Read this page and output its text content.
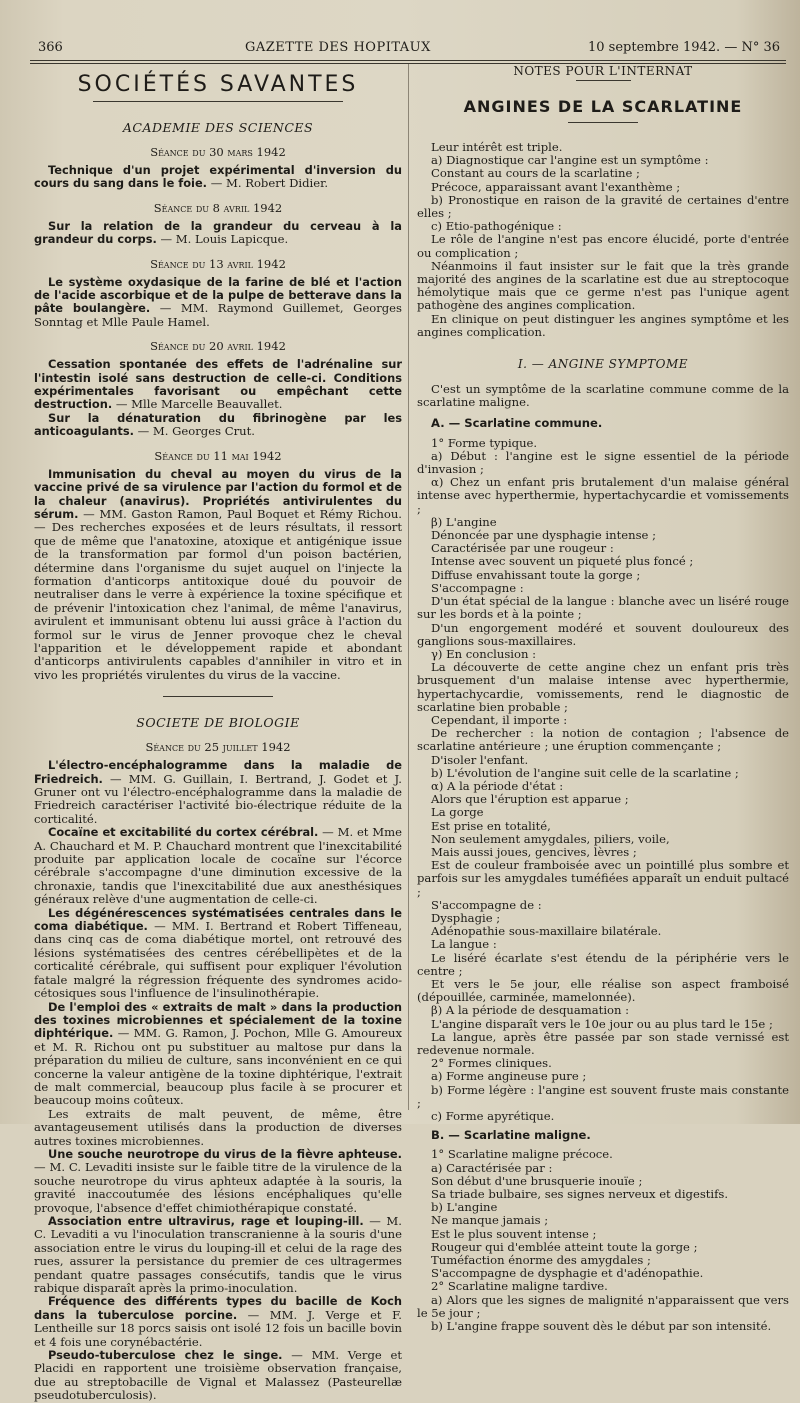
366	GAZETTE DES HOPITAUX	10 septembre 1942. — N° 36
SOCIÉTÉS SAVANTES
ACADEMIE DES SCIENCES
Séance du 30 mars 1942

Technique d'un projet expérimental d'inversion du cours du sang dans le foie. — M. Robert Didier.

Séance du 8 avril 1942

Sur la relation de la grandeur du cerveau à la grandeur du corps. — M. Louis Lapicque.

Séance du 13 avril 1942

Le système oxydasique de la farine de blé et l'action de l'acide ascorbique et de la pulpe de betterave dans la pâte boulangère. — MM. Raymond Guillemet, Georges Sonntag et Mlle Paule Hamel.

Séance du 20 avril 1942

Cessation spontanée des effets de l'adrénaline sur l'intestin isolé sans destruction de celle-ci. Conditions expérimentales favorisant ou empêchant cette destruction. — Mlle Marcelle Beauvallet.

Sur la dénaturation du fibrinogène par les anticoagulants. — M. Georges Crut.

Séance du 11 mai 1942

Immunisation du cheval au moyen du virus de la vaccine privé de sa virulence par l'action du formol et de la chaleur (anavirus). Propriétés antivirulentes du sérum. — MM. Gaston Ramon, Paul Boquet et Rémy Richou. — Des recherches exposées et de leurs résultats, il ressort que de même que l'anatoxine, atoxique et antigénique issue de la transformation par formol d'un poison bactérien, détermine dans l'organisme du sujet auquel on l'injecte la formation d'anticorps antitoxique doué du pouvoir de neutraliser dans le verre à expérience la toxine spécifique et de prévenir l'intoxication chez l'animal, de même l'anavirus, avirulent et immunisant obtenu lui aussi grâce à l'action du formol sur le virus de Jenner provoque chez le cheval l'apparition et le développement rapide et abondant d'anticorps antivirulents capables d'annihiler in vitro et in vivo les propriétés virulentes du virus de la vaccine.

SOCIETE DE BIOLOGIE
Séance du 25 juillet 1942

L'électro-encéphalogramme dans la maladie de Friedreich. — MM. G. Guillain, I. Bertrand, J. Godet et J. Gruner ont vu l'électro-encéphalogramme dans la maladie de Friedreich caractériser l'activité bio-électrique réduite de la corticalité.

Cocaïne et excitabilité du cortex cérébral. — M. et Mme A. Chauchard et M. P. Chauchard montrent que l'inexcitabilité produite par application locale de cocaïne sur l'écorce cérébrale s'accompagne d'une diminution excessive de la chronaxie, tandis que l'inexcitabilité due aux anesthésiques généraux relève d'une augmentation de celle-ci.

Les dégénérescences systématisées centrales dans le coma diabétique. — MM. I. Bertrand et Robert Tiffeneau, dans cinq cas de coma diabétique mortel, ont retrouvé des lésions systématisées des centres cérébellipètes et de la corticalité cérébrale, qui suffisent pour expliquer l'évolution fatale malgré la régression fréquente des syndromes acido-cétosiques sous l'influence de l'insulinothérapie.

De l'emploi des « extraits de malt » dans la production des toxines microbiennes et spécialement de la toxine diphtérique. — MM. G. Ramon, J. Pochon, Mlle G. Amoureux et M. R. Richou ont pu substituer au maltose pur dans la préparation du milieu de culture, sans inconvénient en ce qui concerne la valeur antigène de la toxine diphtérique, l'extrait de malt commercial, beaucoup plus facile à se procurer et beaucoup moins coûteux.

Les extraits de malt peuvent, de même, être avantageusement utilisés dans la production de diverses autres toxines microbiennes.

Une souche neurotrope du virus de la fièvre aphteuse. — M. C. Levaditi insiste sur le faible titre de la virulence de la souche neurotrope du virus aphteux adaptée à la souris, la gravité inaccoutumée des lésions encéphaliques qu'elle provoque, l'absence d'effet chimiothérapique constaté.

Association entre ultravirus, rage et louping-ill. — M. C. Levaditi a vu l'inoculation transcranienne à la souris d'une association entre le virus du louping-ill et celui de la rage des rues, assurer la persistance du premier de ces ultragermes pendant quatre passages consécutifs, tandis que le virus rabique disparaît après la primo-inoculation.

Fréquence des différents types du bacille de Koch dans la tuberculose porcine. — MM. J. Verge et F. Lentheille sur 18 porcs saisis ont isolé 12 fois un bacille bovin et 4 fois une corynébactérie.

Pseudo-tuberculose chez le singe. — MM. Verge et Placidi en rapportent une troisième observation française, due au streptobacille de Vignal et Malassez (Pasteurellæ pseudotuberculosis).

NOTES POUR L'INTERNAT
ANGINES DE LA SCARLATINE

Leur intérêt est triple.

a) Diagnostique car l'angine est un symptôme :

Constant au cours de la scarlatine ;

Précoce, apparaissant avant l'exanthème ;

b) Pronostique en raison de la gravité de certaines d'entre elles ;

c) Etio-pathogénique :

Le rôle de l'angine n'est pas encore élucidé, porte d'entrée ou complication ;

Néanmoins il faut insister sur le fait que la très grande majorité des angines de la scarlatine est due au streptocoque hémolytique mais que ce germe n'est pas l'unique agent pathogène des angines complication.

En clinique on peut distinguer les angines symptôme et les angines complication.

I. — ANGINE SYMPTOME

C'est un symptôme de la scarlatine commune comme de la scarlatine maligne.

A. — Scarlatine commune.

1° Forme typique.

a) Début : l'angine est le signe essentiel de la période d'invasion ;

α) Chez un enfant pris brutalement d'un malaise général intense avec hyperthermie, hypertachycardie et vomissements ;

β) L'angine

Dénoncée par une dysphagie intense ;

Caractérisée par une rougeur :

Intense avec souvent un piqueté plus foncé ;

Diffuse envahissant toute la gorge ;

S'accompagne :

D'un état spécial de la langue : blanche avec un liséré rouge sur les bords et à la pointe ;

D'un engorgement modéré et souvent douloureux des ganglions sous-maxillaires.

γ) En conclusion :

La découverte de cette angine chez un enfant pris très brusquement d'un malaise intense avec hyperthermie, hypertachycardie, vomissements, rend le diagnostic de scarlatine bien probable ;

Cependant, il importe :

De rechercher : la notion de contagion ; l'absence de scarlatine antérieure ; une éruption commençante ;

D'isoler l'enfant.

b) L'évolution de l'angine suit celle de la scarlatine ;

α) A la période d'état :

Alors que l'éruption est apparue ;

La gorge

Est prise en totalité,

Non seulement amygdales, piliers, voile,

Mais aussi joues, gencives, lèvres ;

Est de couleur framboisée avec un pointillé plus sombre et parfois sur les amygdales tuméfiées apparaît un enduit pultacé ;

S'accompagne de :

Dysphagie ;

Adénopathie sous-maxillaire bilatérale.

La langue :

Le liséré écarlate s'est étendu de la périphérie vers le centre ;

Et vers le 5e jour, elle réalise son aspect framboisé (dépouillée, carminée, mamelonnée).

β) A la période de desquamation :

L'angine disparaît vers le 10e jour ou au plus tard le 15e ;

La langue, après être passée par son stade vernissé est redevenue normale.

2° Formes cliniques.

a) Forme angineuse pure ;

b) Forme légère : l'angine est souvent fruste mais constante ;

c) Forme apyrétique.

B. — Scarlatine maligne.

1° Scarlatine maligne précoce.

a) Caractérisée par :

Son début d'une brusquerie inouïe ;

Sa triade bulbaire, ses signes nerveux et digestifs.

b) L'angine

Ne manque jamais ;

Est le plus souvent intense ;

Rougeur qui d'emblée atteint toute la gorge ;

Tuméfaction énorme des amygdales ;

S'accompagne de dysphagie et d'adénopathie.

2° Scarlatine maligne tardive.

a) Alors que les signes de malignité n'apparaissent que vers le 5e jour ;

b) L'angine frappe souvent dès le début par son intensité.
